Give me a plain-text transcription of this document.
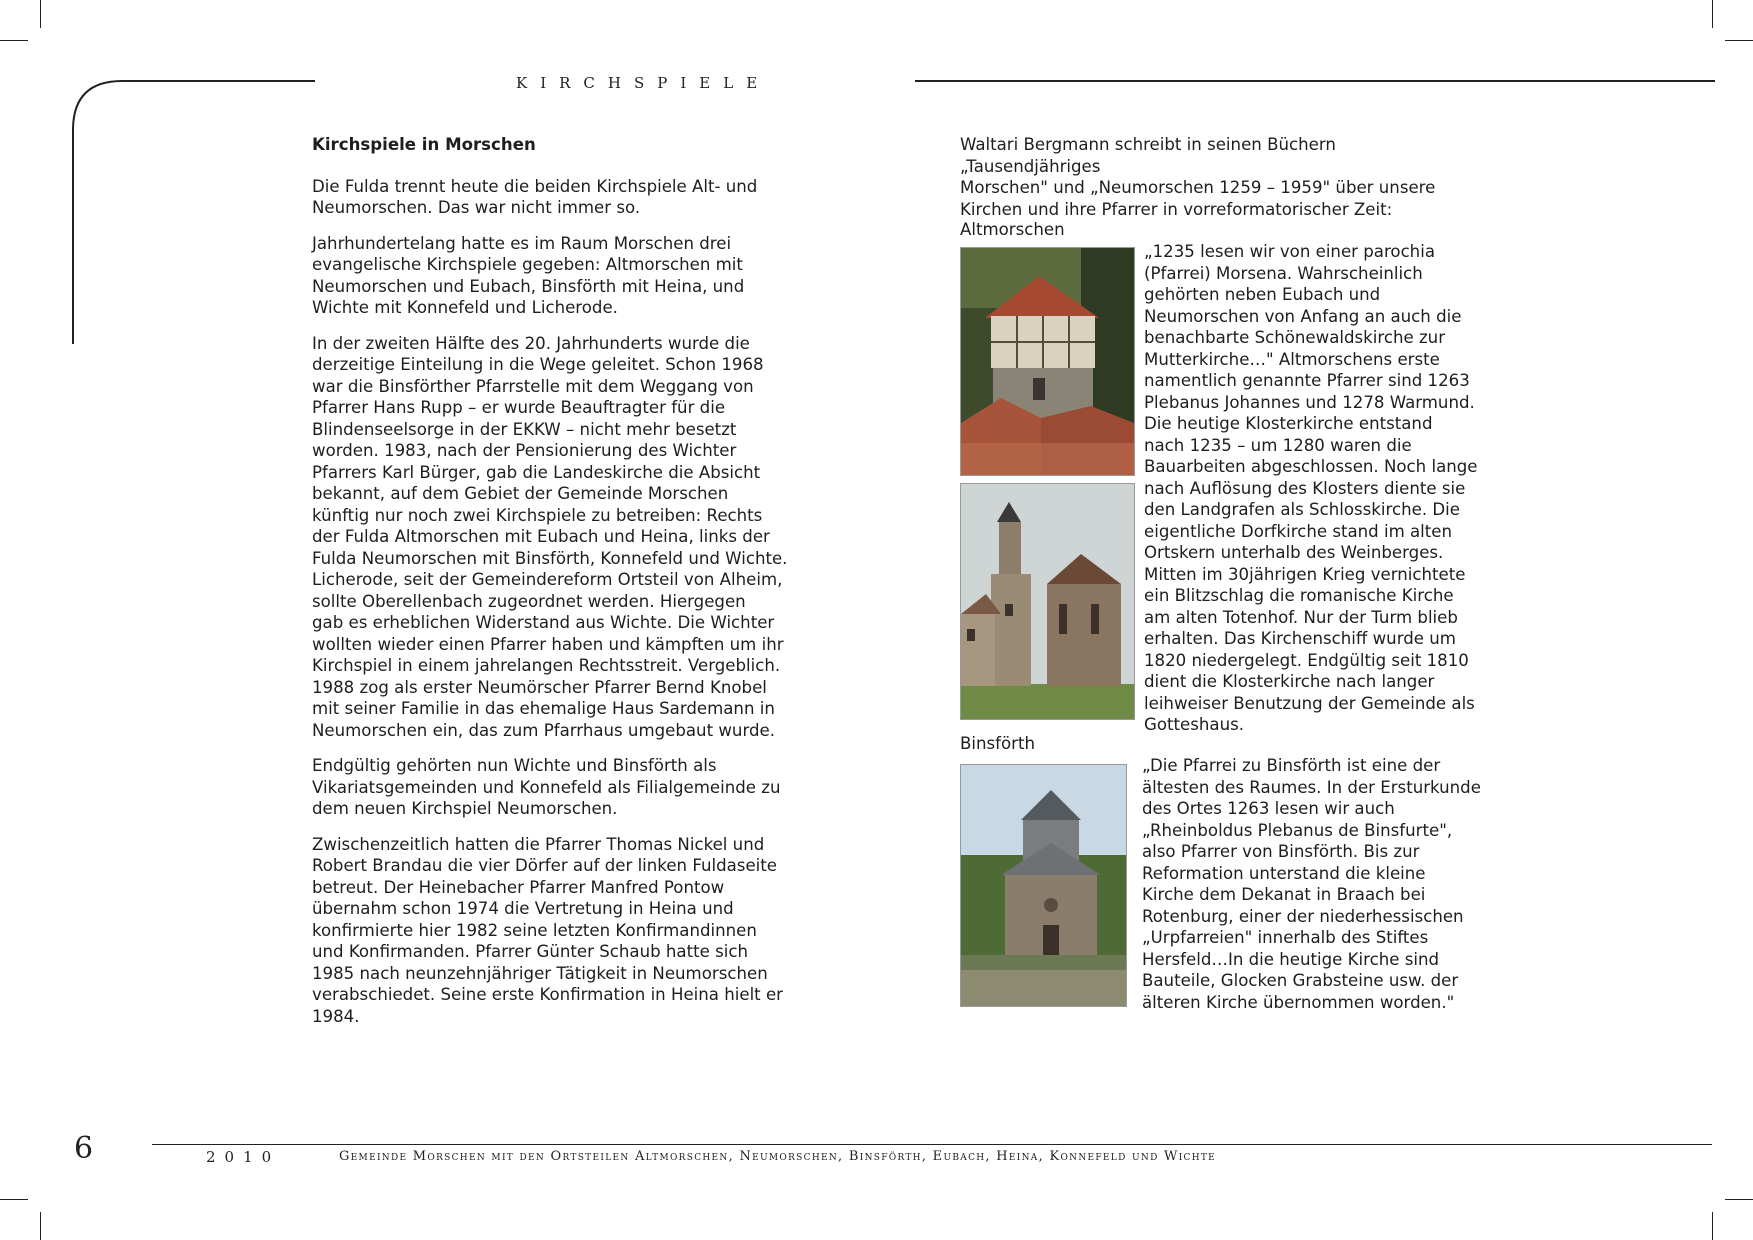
KIRCHSPIELE
Kirchspiele in Morschen

Die Fulda trennt heute die beiden Kirchspiele Alt- und
Neumorschen. Das war nicht immer so.

Jahrhundertelang hatte es im Raum Morschen drei
evangelische Kirchspiele gegeben: Altmorschen mit
Neumorschen und Eubach, Binsförth mit Heina, und
Wichte mit Konnefeld und Licherode.

In der zweiten Hälfte des 20. Jahrhunderts wurde die
derzeitige Einteilung in die Wege geleitet. Schon 1968
war die Binsförther Pfarrstelle mit dem Weggang von
Pfarrer Hans Rupp – er wurde Beauftragter für die
Blindenseelsorge in der EKKW – nicht mehr besetzt
worden. 1983, nach der Pensionierung des Wichter
Pfarrers Karl Bürger, gab die Landeskirche die Absicht
bekannt, auf dem Gebiet der Gemeinde Morschen
künftig nur noch zwei Kirchspiele zu betreiben: Rechts
der Fulda Altmorschen mit Eubach und Heina, links der
Fulda Neumorschen mit Binsförth, Konnefeld und Wichte.
Licherode, seit der Gemeindereform Ortsteil von Alheim,
sollte Oberellenbach zugeordnet werden. Hiergegen
gab es erheblichen Widerstand aus Wichte. Die Wichter
wollten wieder einen Pfarrer haben und kämpften um ihr
Kirchspiel in einem jahrelangen Rechtsstreit. Vergeblich.
1988 zog als erster Neumörscher Pfarrer Bernd Knobel
mit seiner Familie in das ehemalige Haus Sardemann in
Neumorschen ein, das zum Pfarrhaus umgebaut wurde.

Endgültig gehörten nun Wichte und Binsförth als
Vikariatsgemeinden und Konnefeld als Filialgemeinde zu
dem neuen Kirchspiel Neumorschen.

Zwischenzeitlich hatten die Pfarrer Thomas Nickel und
Robert Brandau die vier Dörfer auf der linken Fuldaseite
betreut. Der Heinebacher Pfarrer Manfred Pontow
übernahm schon 1974 die Vertretung in Heina und
konfirmierte hier 1982 seine letzten Konfirmandinnen
und Konfirmanden. Pfarrer Günter Schaub hatte sich
1985 nach neunzehnjähriger Tätigkeit in Neumorschen
verabschiedet. Seine erste Konfirmation in Heina hielt er
1984.

Waltari Bergmann schreibt in seinen Büchern „Tausendjähriges
Morschen" und „Neumorschen 1259 – 1959" über unsere
Kirchen und ihre Pfarrer in vorreformatorischer Zeit:
Altmorschen
„1235 lesen wir von einer parochia
(Pfarrei) Morsena. Wahrscheinlich
gehörten neben Eubach und
Neumorschen von Anfang an auch die
benachbarte Schönewaldskirche zur
Mutterkirche…" Altmorschens erste
namentlich genannte Pfarrer sind 1263
Plebanus Johannes und 1278 Warmund.
Die heutige Klosterkirche entstand
nach 1235 – um 1280 waren die
Bauarbeiten abgeschlossen. Noch lange
nach Auflösung des Klosters diente sie
den Landgrafen als Schlosskirche. Die
eigentliche Dorfkirche stand im alten
Ortskern unterhalb des Weinberges.
Mitten im 30jährigen Krieg vernichtete
ein Blitzschlag die romanische Kirche
am alten Totenhof. Nur der Turm blieb
erhalten. Das Kirchenschiff wurde um
1820 niedergelegt. Endgültig seit 1810
dient die Klosterkirche nach langer
leihweiser Benutzung der Gemeinde als
Gotteshaus.
Binsförth
„Die Pfarrei zu Binsförth ist eine der
ältesten des Raumes. In der Ersturkunde
des Ortes 1263 lesen wir auch
„Rheinboldus Plebanus de Binsfurte",
also Pfarrer von Binsförth. Bis zur
Reformation unterstand die kleine
Kirche dem Dekanat in Braach bei
Rotenburg, einer der niederhessischen
„Urpfarreien" innerhalb des Stiftes
Hersfeld…In die heutige Kirche sind
Bauteile, Glocken Grabsteine usw. der
älteren Kirche übernommen worden."
6	2010	Gemeinde Morschen mit den Ortsteilen Altmorschen, Neumorschen, Binsförth, Eubach, Heina, Konnefeld und Wichte
